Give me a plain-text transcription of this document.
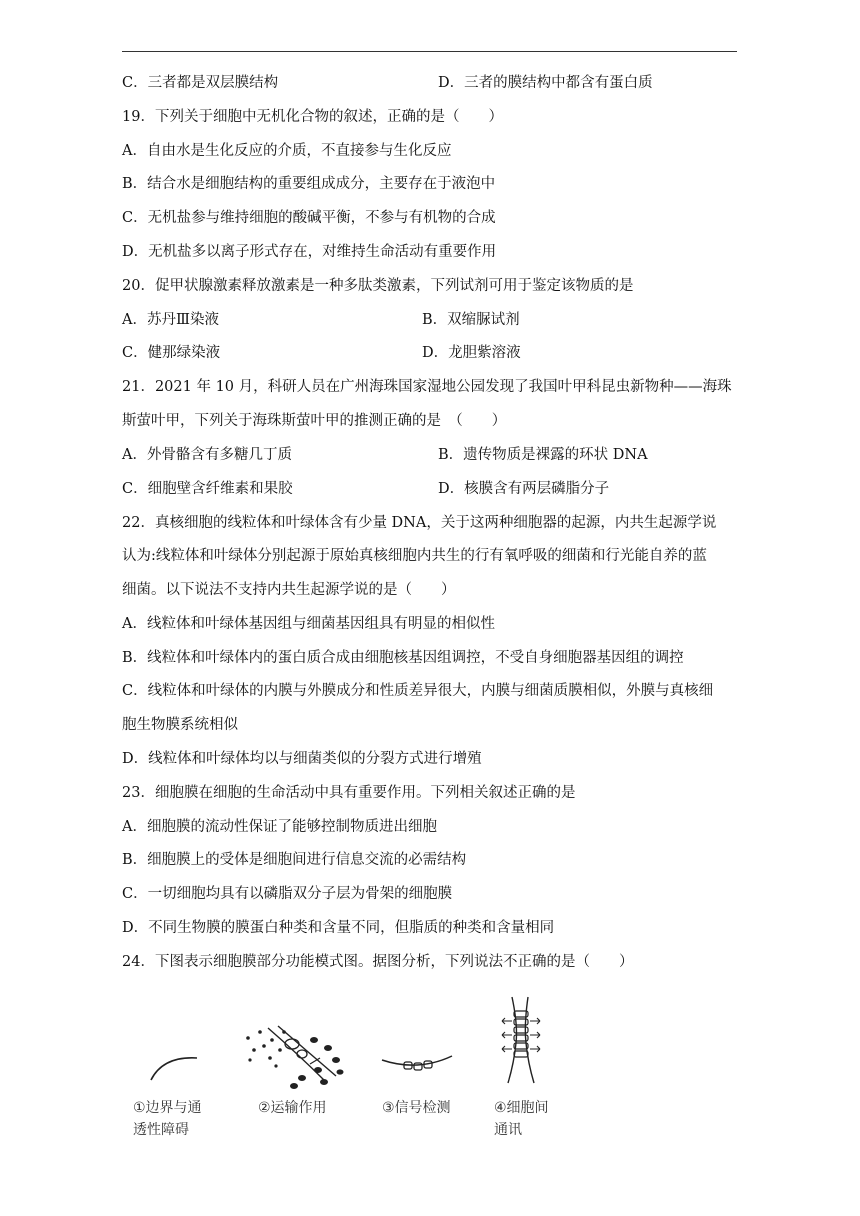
C．三者都是双层膜结构	D．三者的膜结构中都含有蛋白质
19．下列关于细胞中无机化合物的叙述，正确的是（　　）
A．自由水是生化反应的介质，不直接参与生化反应
B．结合水是细胞结构的重要组成成分，主要存在于液泡中
C．无机盐参与维持细胞的酸碱平衡，不参与有机物的合成
D．无机盐多以离子形式存在，对维持生命活动有重要作用
20．促甲状腺激素释放激素是一种多肽类激素，下列试剂可用于鉴定该物质的是
A．苏丹Ⅲ染液	B．双缩脲试剂
C．健那绿染液	D．龙胆紫溶液
21．2021 年 10 月，科研人员在广州海珠国家湿地公园发现了我国叶甲科昆虫新物种——海珠
斯萤叶甲，下列关于海珠斯萤叶甲的推测正确的是　（　　）
A．外骨骼含有多糖几丁质	B．遗传物质是裸露的环状 DNA
C．细胞壁含纤维素和果胶	D．核膜含有两层磷脂分子
22．真核细胞的线粒体和叶绿体含有少量 DNA，关于这两种细胞器的起源，内共生起源学说
认为:线粒体和叶绿体分别起源于原始真核细胞内共生的行有氧呼吸的细菌和行光能自养的蓝
细菌。以下说法不支持内共生起源学说的是（　　）
A．线粒体和叶绿体基因组与细菌基因组具有明显的相似性
B．线粒体和叶绿体内的蛋白质合成由细胞核基因组调控，不受自身细胞器基因组的调控
C．线粒体和叶绿体的内膜与外膜成分和性质差异很大，内膜与细菌质膜相似，外膜与真核细
胞生物膜系统相似
D．线粒体和叶绿体均以与细菌类似的分裂方式进行增殖
23．细胞膜在细胞的生命活动中具有重要作用。下列相关叙述正确的是
A．细胞膜的流动性保证了能够控制物质进出细胞
B．细胞膜上的受体是细胞间进行信息交流的必需结构
C．一切细胞均具有以磷脂双分子层为骨架的细胞膜
D．不同生物膜的膜蛋白种类和含量不同，但脂质的种类和含量相同
24．下图表示细胞膜部分功能模式图。据图分析，下列说法不正确的是（　　）
①边界与通
透性障碍
②运输作用	③信号检测	④细胞间
通讯
